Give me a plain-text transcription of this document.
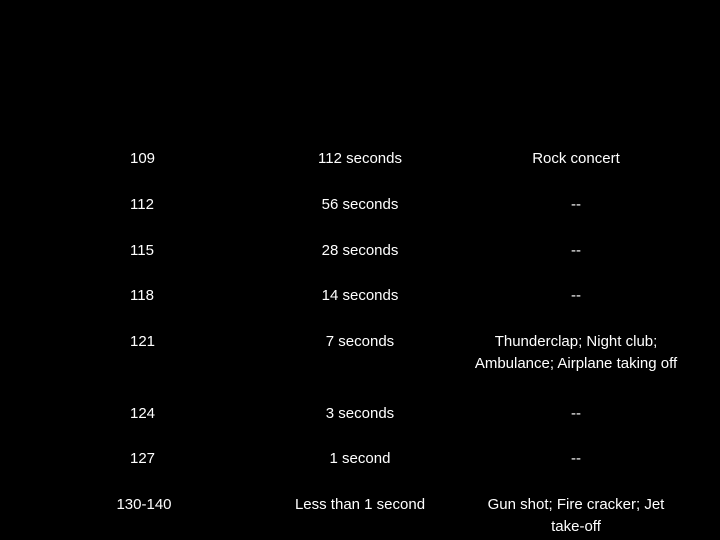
109	112 seconds	Rock concert
112	56 seconds	--
115	28 seconds	--
118	14 seconds	--
121	7 seconds	Thunderclap; Night club; Ambulance; Airplane taking off
124	3 seconds	--
127	1 second	--
130-140	Less than 1 second	Gun shot; Fire cracker; Jet take-off
